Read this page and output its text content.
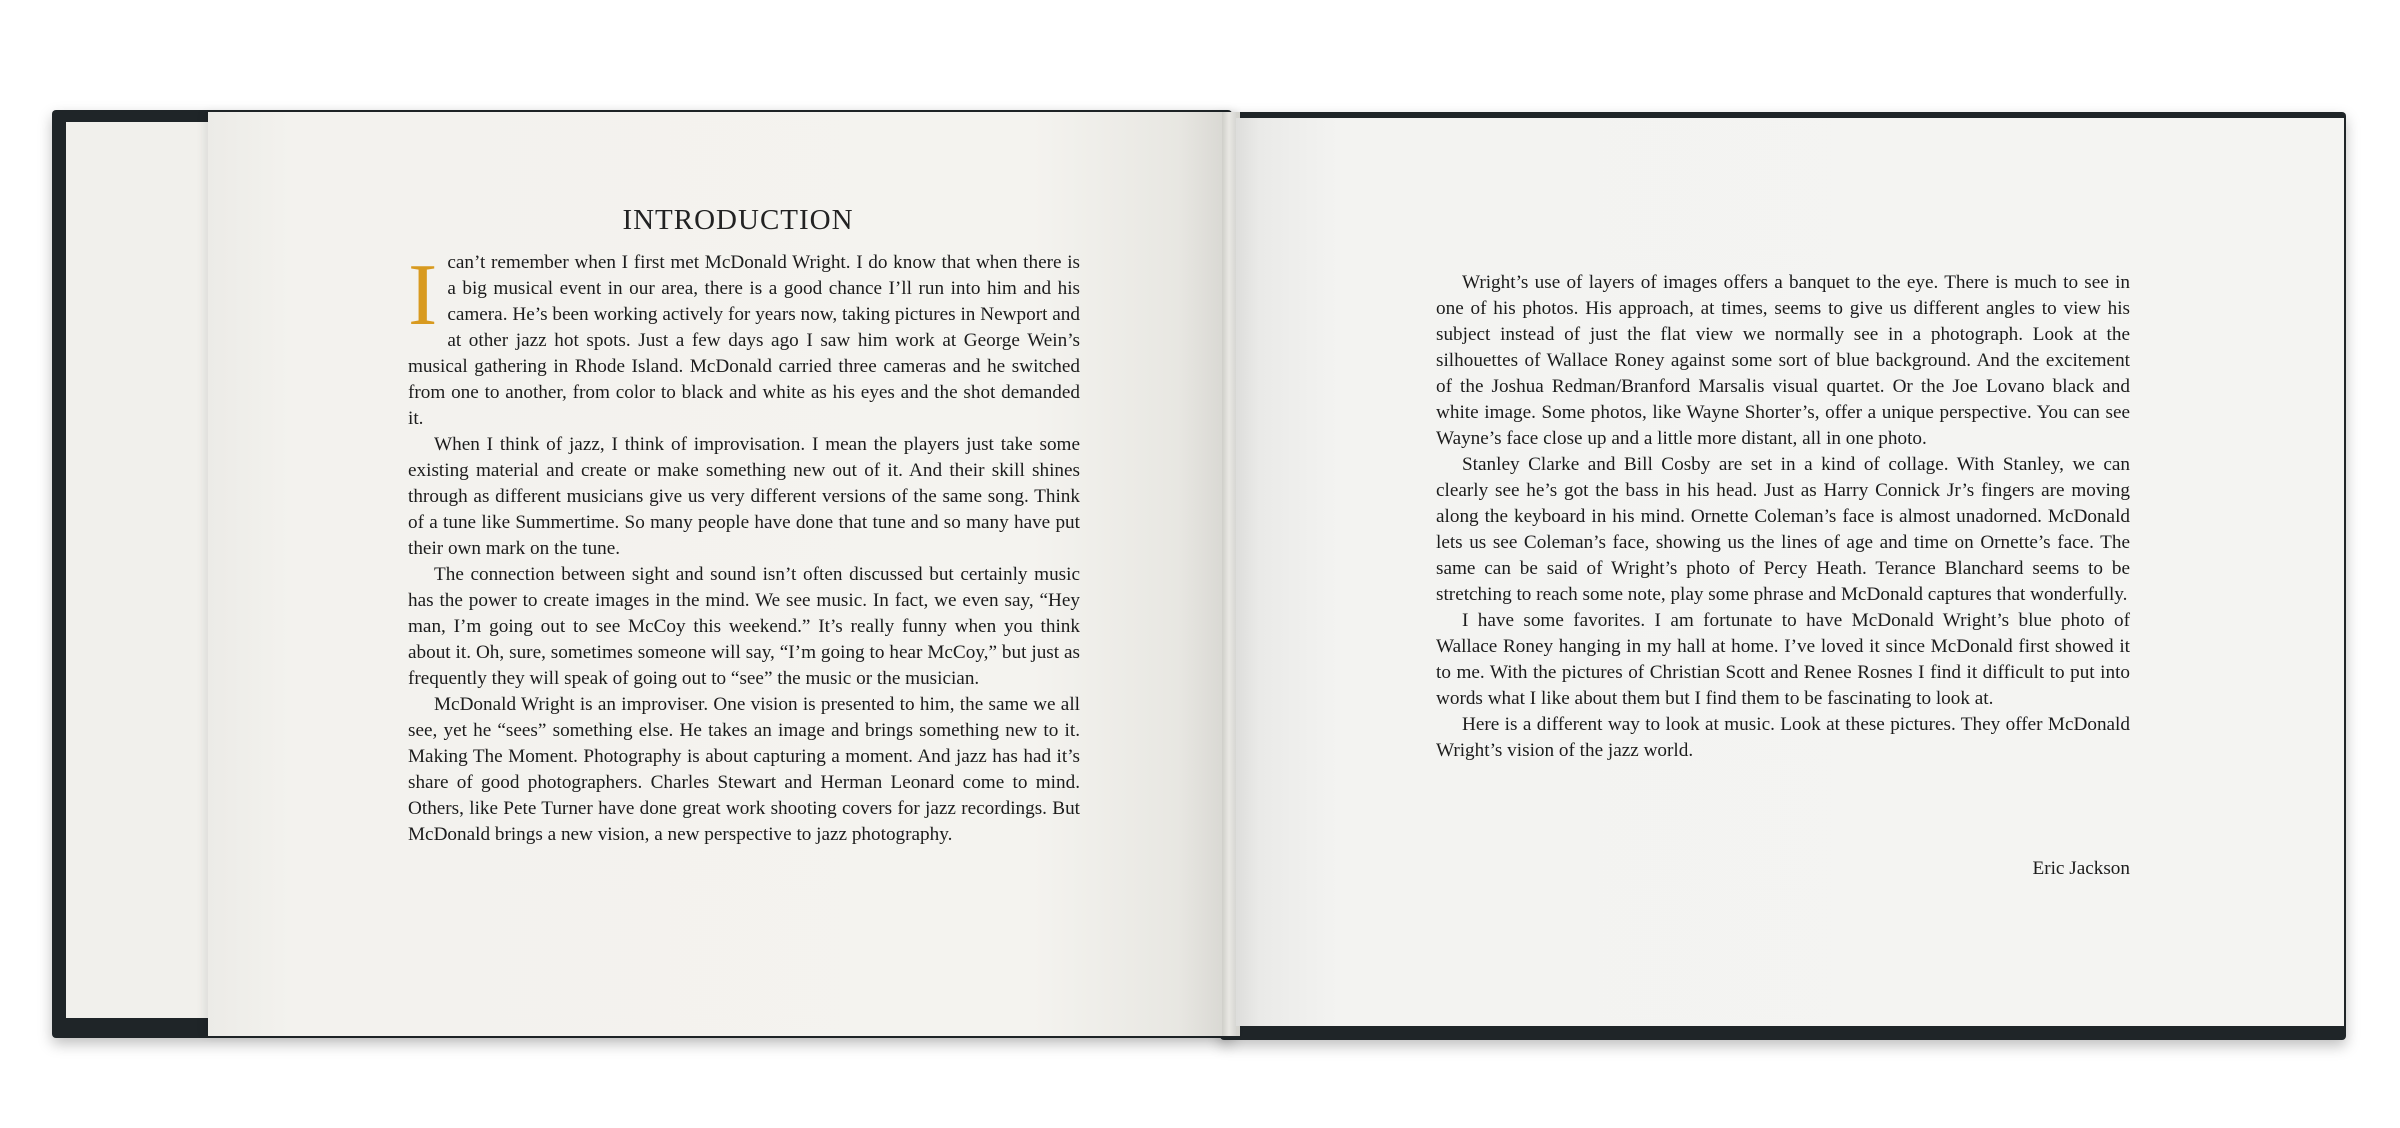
INTRODUCTION

Ican’t remember when I first met McDonald Wright. I do know that when there is a big musical event in our area, there is a good chance I’ll run into him and his camera. He’s been working actively for years now, taking pictures in Newport and at other jazz hot spots. Just a few days ago I saw him work at George Wein’s musical gathering in Rhode Island. McDonald carried three cameras and he switched from one to another, from color to black and white as his eyes and the shot demanded it.

When I think of jazz, I think of improvisation. I mean the players just take some existing material and create or make something new out of it. And their skill shines through as different musicians give us very different versions of the same song. Think of a tune like Summertime. So many people have done that tune and so many have put their own mark on the tune.

The connection between sight and sound isn’t often discussed but certainly music has the power to create images in the mind. We see music. In fact, we even say, “Hey man, I’m going out to see McCoy this weekend.” It’s really funny when you think about it. Oh, sure, sometimes someone will say, “I’m going to hear McCoy,” but just as frequently they will speak of going out to “see” the music or the musician.

McDonald Wright is an improviser. One vision is presented to him, the same we all see, yet he “sees” something else. He takes an image and brings something new to it. Making The Moment. Photography is about capturing a moment. And jazz has had it’s share of good photographers. Charles Stewart and Herman Leonard come to mind. Others, like Pete Turner have done great work shooting covers for jazz recordings. But McDonald brings a new vision, a new perspective to jazz photography.

Wright’s use of layers of images offers a banquet to the eye. There is much to see in one of his photos. His approach, at times, seems to give us different angles to view his subject instead of just the flat view we normally see in a photograph. Look at the silhouettes of Wallace Roney against some sort of blue background. And the excitement of the Joshua Redman/Branford Marsalis visual quartet. Or the Joe Lovano black and white image. Some photos, like Wayne Shorter’s, offer a unique perspective. You can see Wayne’s face close up and a little more distant, all in one photo.

Stanley Clarke and Bill Cosby are set in a kind of collage. With Stanley, we can clearly see he’s got the bass in his head. Just as Harry Connick Jr’s fingers are moving along the keyboard in his mind. Ornette Coleman’s face is almost unadorned. McDonald lets us see Coleman’s face, showing us the lines of age and time on Ornette’s face. The same can be said of Wright’s photo of Percy Heath. Terance Blanchard seems to be stretching to reach some note, play some phrase and McDonald captures that wonderfully.

I have some favorites. I am fortunate to have McDonald Wright’s blue photo of Wallace Roney hanging in my hall at home. I’ve loved it since McDonald first showed it to me. With the pictures of Christian Scott and Renee Rosnes I find it difficult to put into words what I like about them but I find them to be fascinating to look at.

Here is a different way to look at music. Look at these pictures. They offer McDonald Wright’s vision of the jazz world.

Eric Jackson
